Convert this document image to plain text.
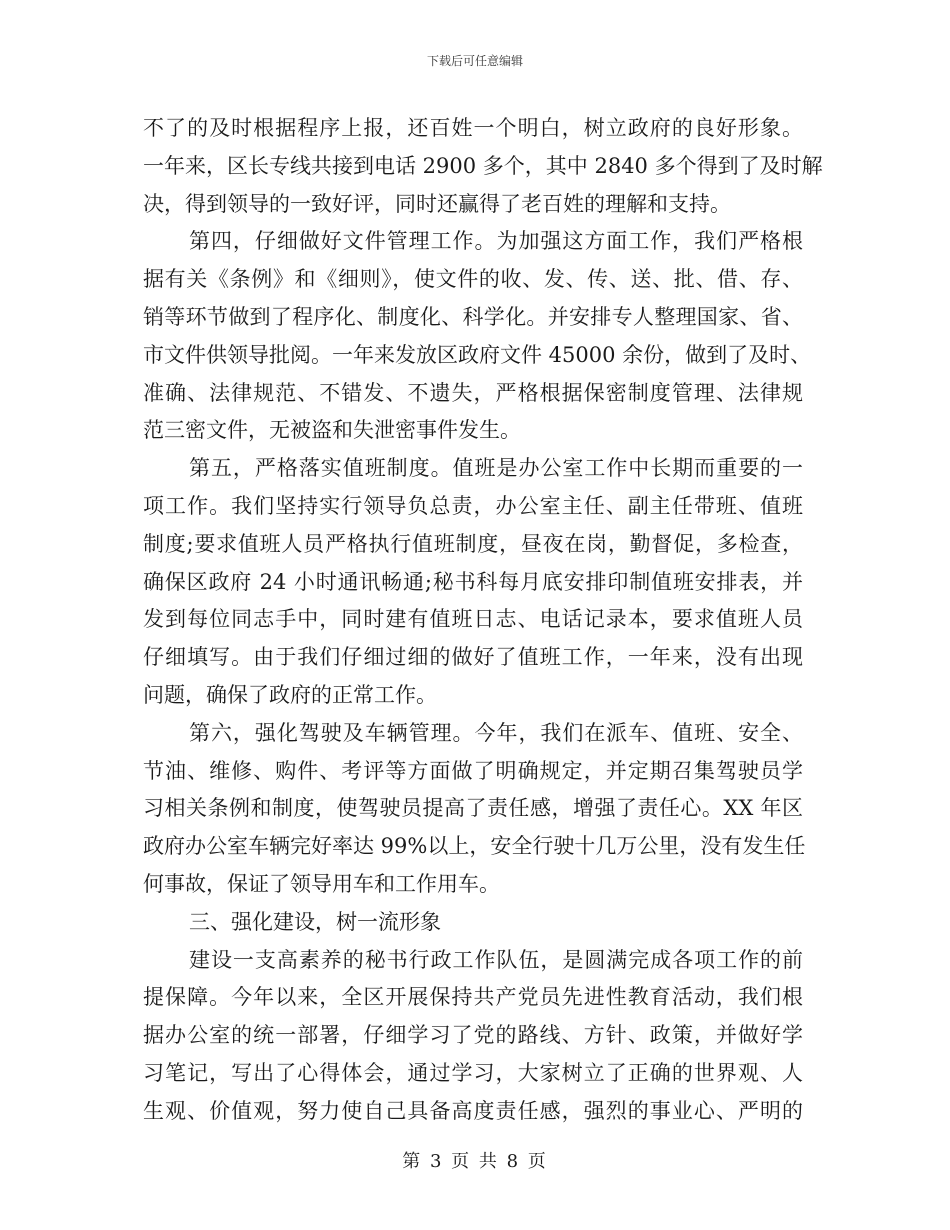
下载后可任意编辑
不了的及时根据程序上报，还百姓一个明白，树立政府的良好形象。
一年来，区长专线共接到电话 2900 多个，其中 2840 多个得到了及时解
决，得到领导的一致好评，同时还赢得了老百姓的理解和支持。
第四，仔细做好文件管理工作。为加强这方面工作，我们严格根
据有关《条例》和《细则》，使文件的收、发、传、送、批、借、存、
销等环节做到了程序化、制度化、科学化。并安排专人整理国家、省、
市文件供领导批阅。一年来发放区政府文件 45000 余份，做到了及时、
准确、法律规范、不错发、不遗失，严格根据保密制度管理、法律规
范三密文件，无被盗和失泄密事件发生。
第五，严格落实值班制度。值班是办公室工作中长期而重要的一
项工作。我们坚持实行领导负总责，办公室主任、副主任带班、值班
制度;要求值班人员严格执行值班制度，昼夜在岗，勤督促，多检查，
确保区政府 24 小时通讯畅通;秘书科每月底安排印制值班安排表，并
发到每位同志手中，同时建有值班日志、电话记录本，要求值班人员
仔细填写。由于我们仔细过细的做好了值班工作，一年来，没有出现
问题，确保了政府的正常工作。
第六，强化驾驶及车辆管理。今年，我们在派车、值班、安全、
节油、维修、购件、考评等方面做了明确规定，并定期召集驾驶员学
习相关条例和制度，使驾驶员提高了责任感，增强了责任心。XX 年区
政府办公室车辆完好率达 99%以上，安全行驶十几万公里，没有发生任
何事故，保证了领导用车和工作用车。
三、强化建设，树一流形象
建设一支高素养的秘书行政工作队伍，是圆满完成各项工作的前
提保障。今年以来，全区开展保持共产党员先进性教育活动，我们根
据办公室的统一部署，仔细学习了党的路线、方针、政策，并做好学
习笔记，写出了心得体会，通过学习，大家树立了正确的世界观、人
生观、价值观，努力使自己具备高度责任感，强烈的事业心、严明的
第 3 页 共 8 页
